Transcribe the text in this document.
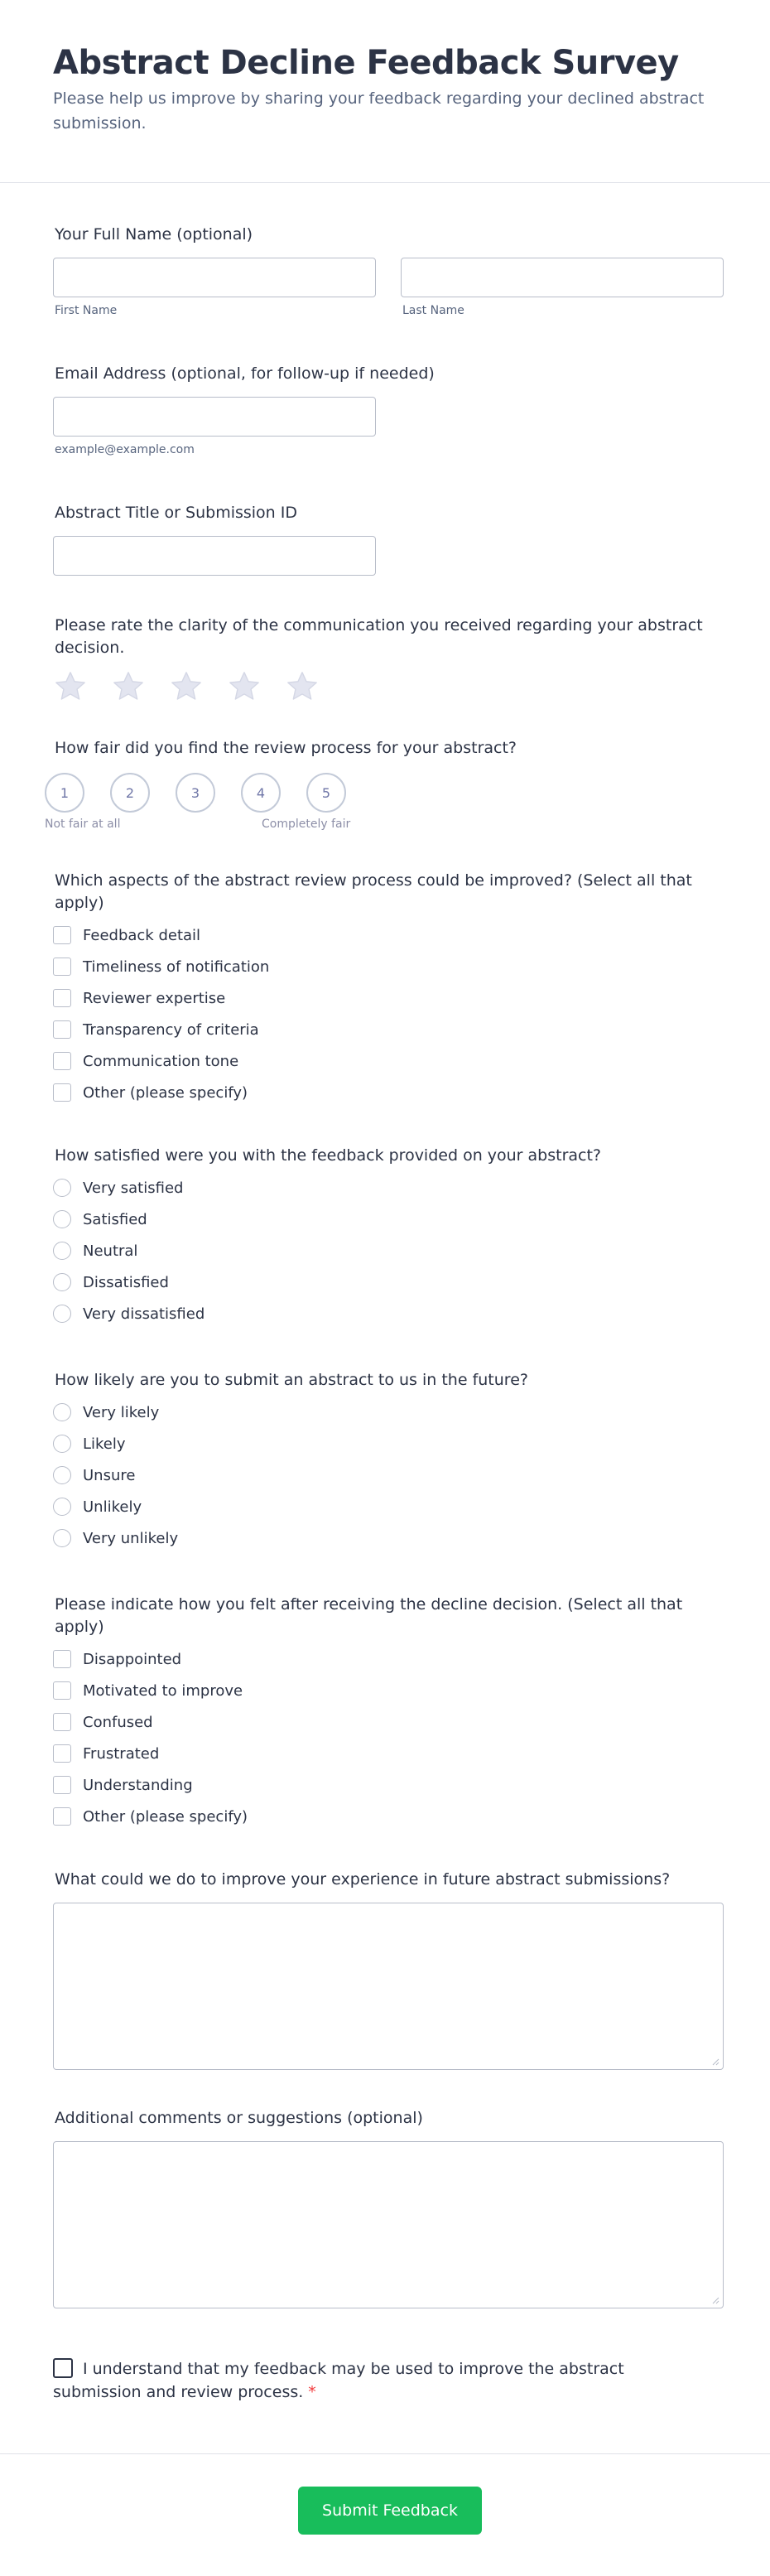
Abstract Decline Feedback Survey
Please help us improve by sharing your feedback regarding your declined abstract submission.
Your Full Name (optional)
First Name	Last Name
Email Address (optional, for follow-up if needed)
example@example.com
Abstract Title or Submission ID
Please rate the clarity of the communication you received regarding your abstract decision.
How fair did you find the review process for your abstract?
1	2	3	4	5
Not fair at all	Completely fair
Which aspects of the abstract review process could be improved? (Select all that apply)
Feedback detail
Timeliness of notification
Reviewer expertise
Transparency of criteria
Communication tone
Other (please specify)
How satisfied were you with the feedback provided on your abstract?
Very satisfied
Satisfied
Neutral
Dissatisfied
Very dissatisfied
How likely are you to submit an abstract to us in the future?
Very likely
Likely
Unsure
Unlikely
Very unlikely
Please indicate how you felt after receiving the decline decision. (Select all that apply)
Disappointed
Motivated to improve
Confused
Frustrated
Understanding
Other (please specify)
What could we do to improve your experience in future abstract submissions?
Additional comments or suggestions (optional)
I understand that my feedback may be used to improve the abstract submission and review process. *
Submit Feedback
